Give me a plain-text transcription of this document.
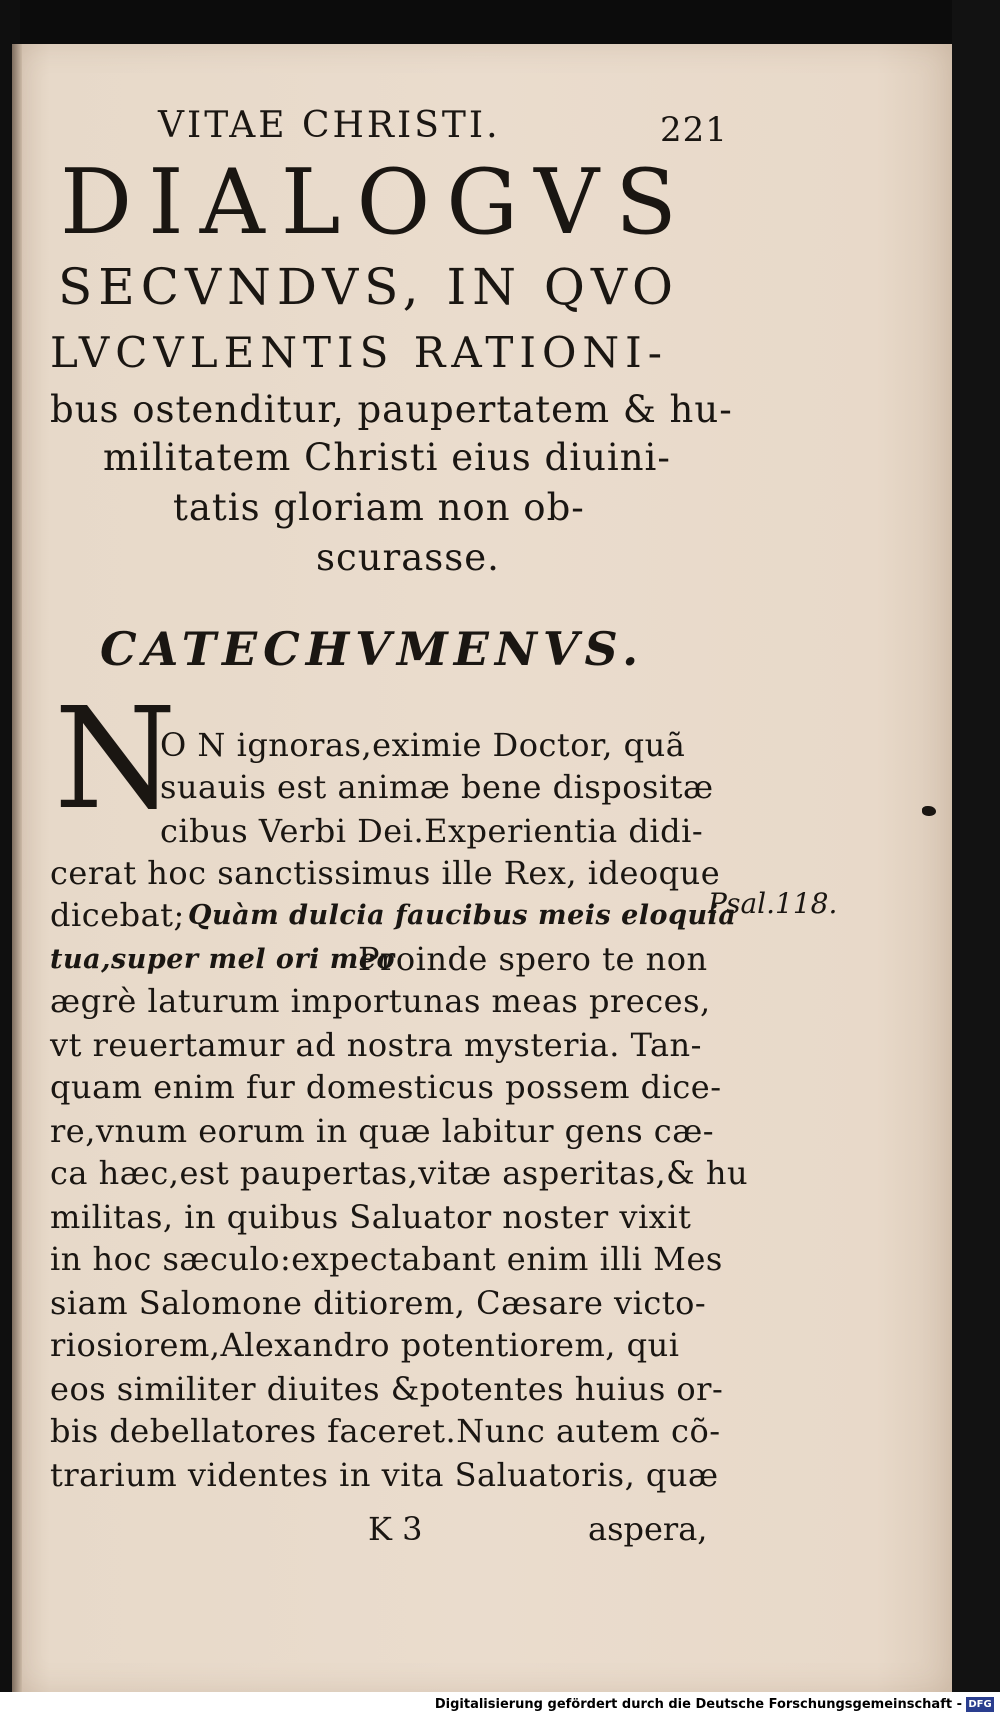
VITAE CHRISTI.	221
DIALOGVS
SECVNDVS, IN QVO
LVCVLENTIS RATIONI-
bus ostenditur, paupertatem & hu-
militatem Christi eius diuini-
tatis gloriam non ob-
scurasse.
CATECHVMENVS.
N
O N ignoras,eximie Doctor, quã
suauis est animæ bene dispositæ
cibus Verbi Dei.Experientia didi-
cerat hoc sanctissimus ille Rex, ideoque
dicebat; Quàm dulcia faucibus meis eloquia
tua,super mel ori meo
Proinde spero te non
ægrè laturum importunas meas preces,
vt reuertamur ad nostra mysteria. Tan-
quam enim fur domesticus possem dice-
re,vnum eorum in quæ labitur gens cæ-
ca hæc,est paupertas,vitæ asperitas,& hu
militas, in quibus Saluator noster vixit
in hoc sæculo:expectabant enim illi Mes
siam Salomone ditiorem, Cæsare victo-
riosiorem,Alexandro potentiorem, qui
eos similiter diuites &potentes huius or-
bis debellatores faceret.Nunc autem cõ-
trarium videntes in vita Saluatoris, quæ
Psal.118.
K 3	aspera,
Digitalisierung gefördert durch die Deutsche Forschungsgemeinschaft - DFG
